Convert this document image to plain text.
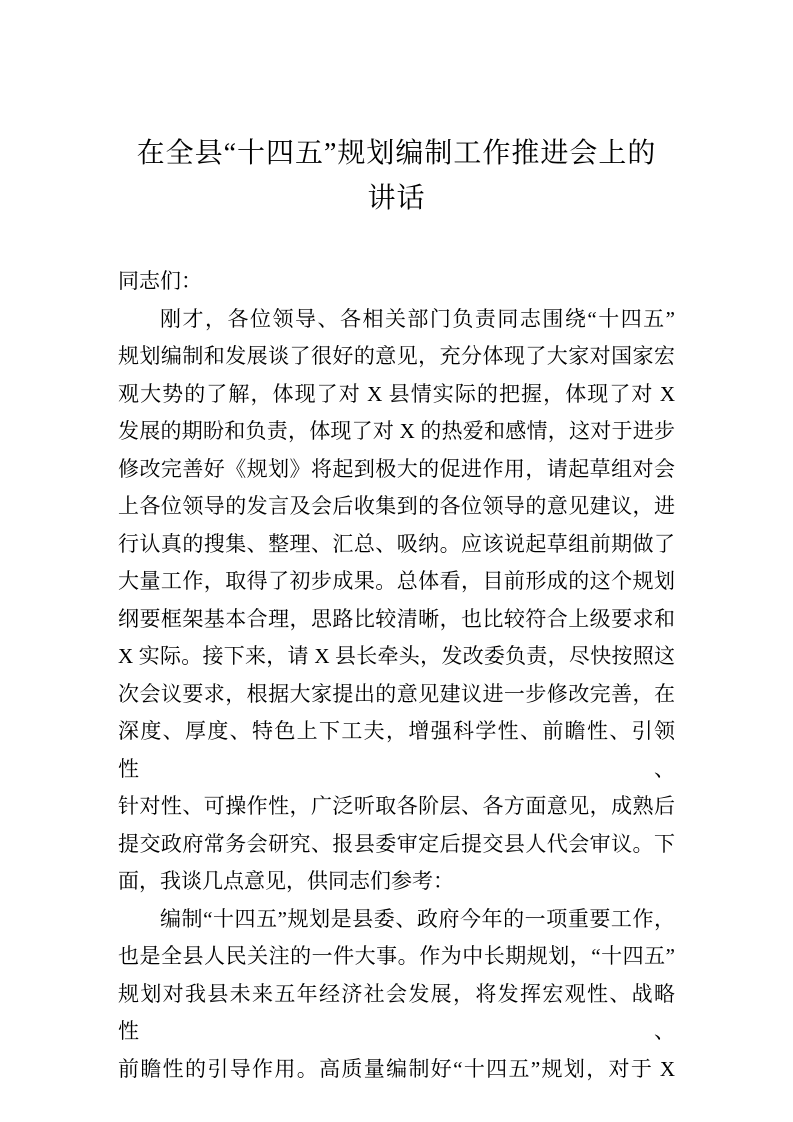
在全县“十四五”规划编制工作推进会上的
讲话
同志们：
刚才，各位领导、各相关部门负责同志围绕“十四五”
规划编制和发展谈了很好的意见，充分体现了大家对国家宏
观大势的了解，体现了对 X 县情实际的把握，体现了对 X
发展的期盼和负责，体现了对 X 的热爱和感情，这对于进步
修改完善好《规划》将起到极大的促进作用，请起草组对会
上各位领导的发言及会后收集到的各位领导的意见建议，进
行认真的搜集、整理、汇总、吸纳。应该说起草组前期做了
大量工作，取得了初步成果。总体看，目前形成的这个规划
纲要框架基本合理，思路比较清晰，也比较符合上级要求和
X 实际。接下来，请 X 县长牵头，发改委负责，尽快按照这
次会议要求，根据大家提出的意见建议进一步修改完善，在
深度、厚度、特色上下工夫，增强科学性、前瞻性、引领性、
针对性、可操作性，广泛听取各阶层、各方面意见，成熟后
提交政府常务会研究、报县委审定后提交县人代会审议。下
面，我谈几点意见，供同志们参考：
编制“十四五”规划是县委、政府今年的一项重要工作，
也是全县人民关注的一件大事。作为中长期规划，“十四五”
规划对我县未来五年经济社会发展，将发挥宏观性、战略性、
前瞻性的引导作用。高质量编制好“十四五”规划，对于 X
